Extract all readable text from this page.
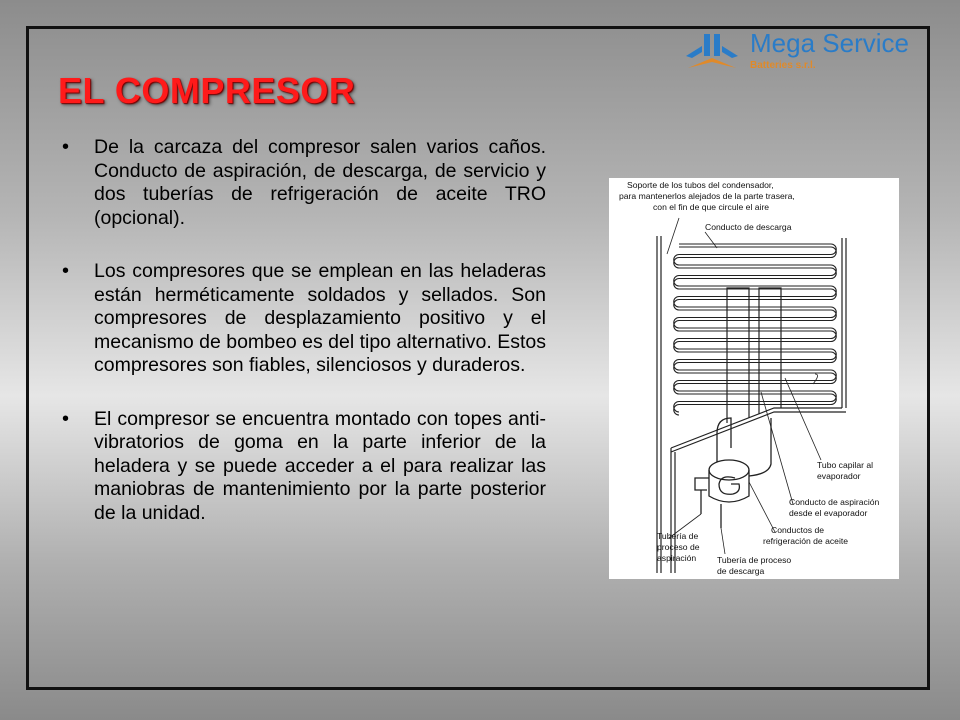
EL COMPRESOR
Mega Service
Batteries s.r.l.
• De la carcaza del compresor salen varios caños. Conducto de aspiración, de descarga, de servicio y dos tuberías de refrigeración de aceite TRO (opcional).
• Los compresores que se emplean en las heladeras están herméticamente soldados y sellados. Son compresores de desplazamiento positivo y el mecanismo de bombeo es del tipo alternativo. Estos compresores son fiables, silenciosos y duraderos.
• El compresor se encuentra montado con topes anti-vibratorios de goma en la parte inferior de la heladera y se puede acceder a el para realizar las maniobras de mantenimiento por la parte posterior de la unidad.
Soporte de los tubos del condensador,
para mantenerlos alejados de la parte trasera,
con el fin de que circule el aire
Conducto de descarga
Tubo capilar al
evaporador
Conducto de aspiración
desde el evaporador
Conductos de
refrigeración de aceite
Tubería de
proceso de
aspiración Tubería de proceso
de descarga
